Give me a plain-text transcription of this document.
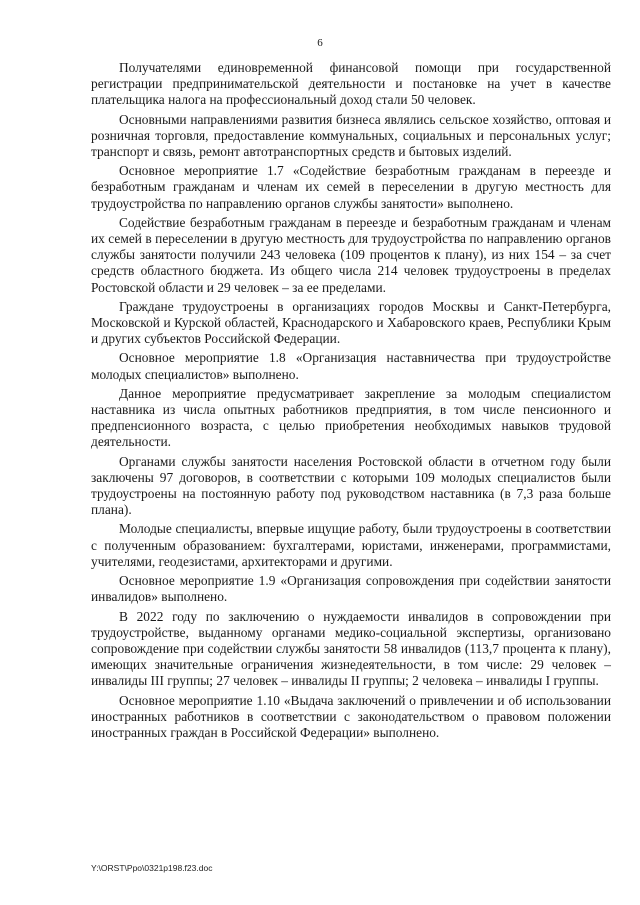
6

Получателями единовременной финансовой помощи при государственной регистрации предпринимательской деятельности и постановке на учет в качестве плательщика налога на профессиональный доход стали 50 человек.

Основными направлениями развития бизнеса являлись сельское хозяйство, оптовая и розничная торговля, предоставление коммунальных, социальных и персональных услуг; транспорт и связь, ремонт автотранспортных средств и бытовых изделий.

Основное мероприятие 1.7 «Содействие безработным гражданам в переезде и безработным гражданам и членам их семей в переселении в другую местность для трудоустройства по направлению органов службы занятости» выполнено.

Содействие безработным гражданам в переезде и безработным гражданам и членам их семей в переселении в другую местность для трудоустройства по направлению органов службы занятости получили 243 человека (109 процентов к плану), из них 154 – за счет средств областного бюджета. Из общего числа 214 человек трудоустроены в пределах Ростовской области и 29 человек – за ее пределами.

Граждане трудоустроены в организациях городов Москвы и Санкт-Петербурга, Московской и Курской областей, Краснодарского и Хабаровского краев, Республики Крым и других субъектов Российской Федерации.

Основное мероприятие 1.8 «Организация наставничества при трудоустройстве молодых специалистов» выполнено.

Данное мероприятие предусматривает закрепление за молодым специалистом наставника из числа опытных работников предприятия, в том числе пенсионного и предпенсионного возраста, с целью приобретения необходимых навыков трудовой деятельности.

Органами службы занятости населения Ростовской области в отчетном году были заключены 97 договоров, в соответствии с которыми 109 молодых специалистов были трудоустроены на постоянную работу под руководством наставника (в 7,3 раза больше плана).

Молодые специалисты, впервые ищущие работу, были трудоустроены в соответствии с полученным образованием: бухгалтерами, юристами, инженерами, программистами, учителями, геодезистами, архитекторами и другими.

Основное мероприятие 1.9 «Организация сопровождения при содействии занятости инвалидов» выполнено.

В 2022 году по заключению о нуждаемости инвалидов в сопровождении при трудоустройстве, выданному органами медико-социальной экспертизы, организовано сопровождение при содействии службы занятости 58 инвалидов (113,7 процента к плану), имеющих значительные ограничения жизнедеятельности, в том числе: 29 человек – инвалиды III группы; 27 человек – инвалиды II группы; 2 человека – инвалиды I группы.

Основное мероприятие 1.10 «Выдача заключений о привлечении и об использовании иностранных работников в соответствии с законодательством о правовом положении иностранных граждан в Российской Федерации» выполнено.

Y:\ORST\Ppo\0321p198.f23.doc
